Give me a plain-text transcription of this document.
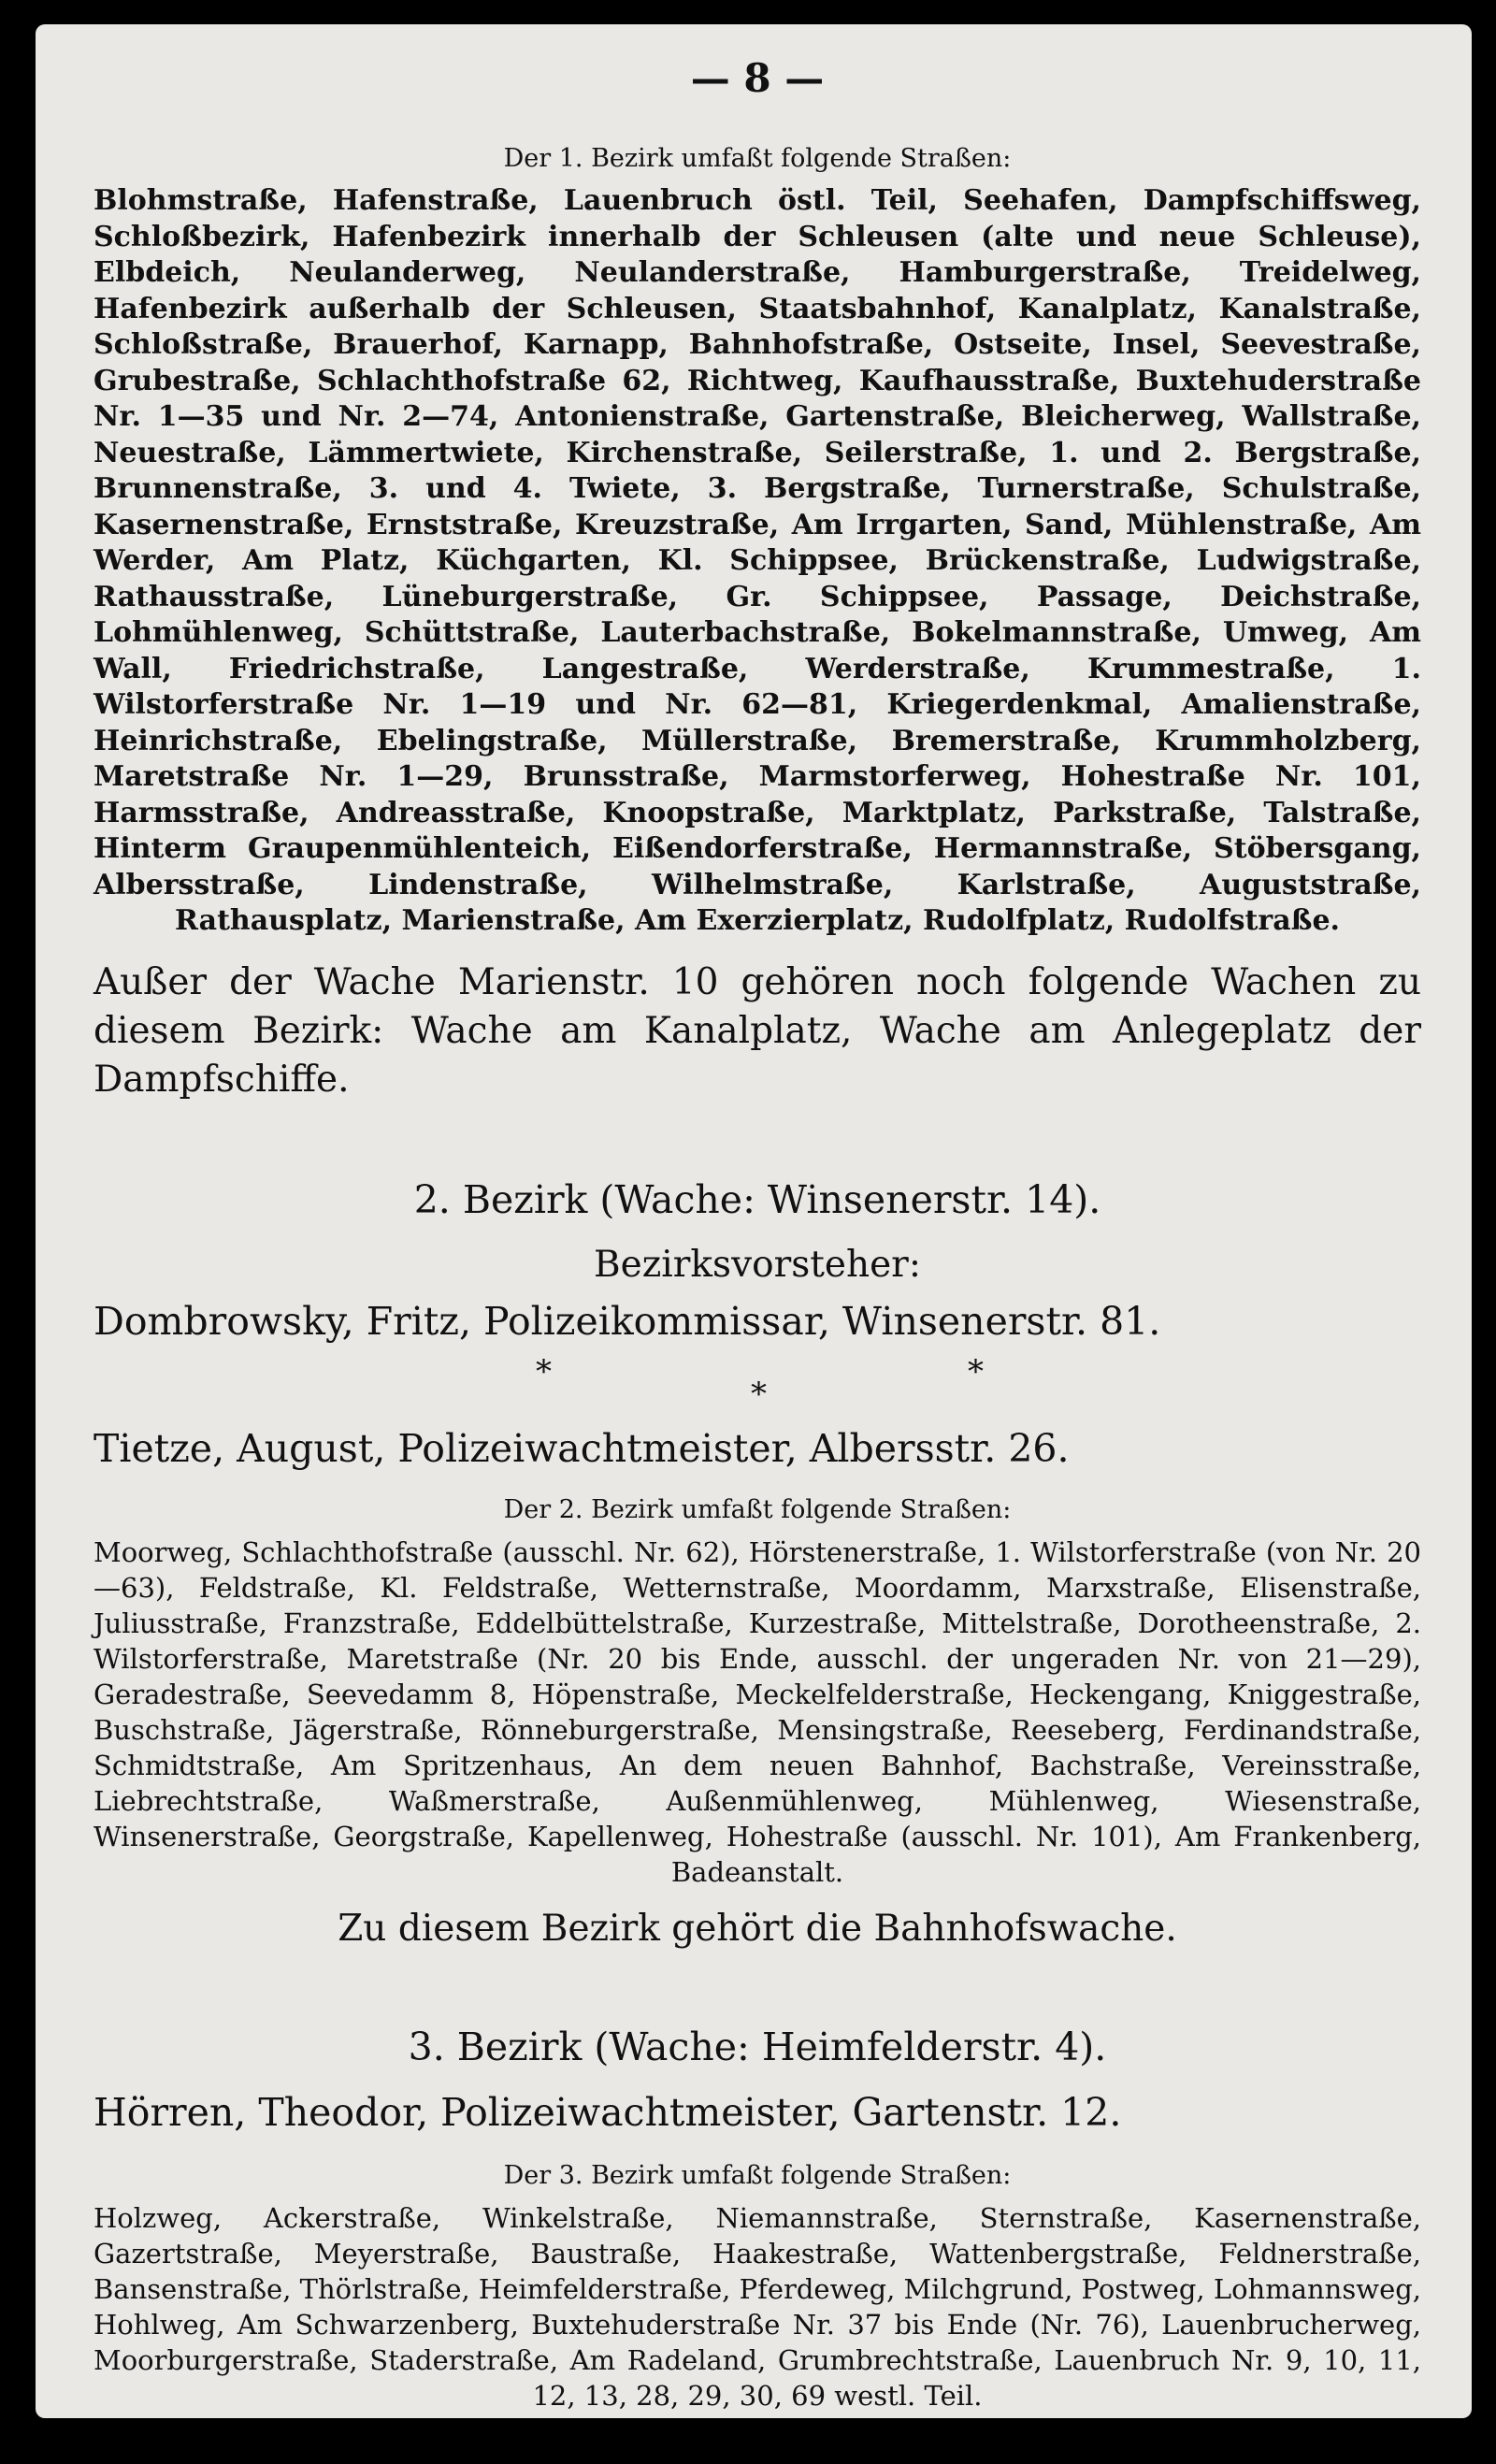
— 8 —

Der 1. Bezirk umfaßt folgende Straßen:

Blohmstraße, Hafenstraße, Lauenbruch östl. Teil, Seehafen, Dampfschiffsweg, Schloßbezirk, Hafenbezirk innerhalb der Schleusen (alte und neue Schleuse), Elbdeich, Neulanderweg, Neulanderstraße, Hamburgerstraße, Treidelweg, Hafenbezirk außerhalb der Schleusen, Staatsbahnhof, Kanalplatz, Kanalstraße, Schloßstraße, Brauerhof, Karnapp, Bahnhofstraße, Ostseite, Insel, Seevestraße, Grubestraße, Schlachthofstraße 62, Richtweg, Kaufhausstraße, Buxtehuderstraße Nr. 1—35 und Nr. 2—74, Antonienstraße, Gartenstraße, Bleicherweg, Wallstraße, Neuestraße, Lämmertwiete, Kirchenstraße, Seilerstraße, 1. und 2. Bergstraße, Brunnenstraße, 3. und 4. Twiete, 3. Bergstraße, Turnerstraße, Schulstraße, Kasernenstraße, Ernststraße, Kreuzstraße, Am Irrgarten, Sand, Mühlenstraße, Am Werder, Am Platz, Küchgarten, Kl. Schippsee, Brückenstraße, Ludwigstraße, Rathausstraße, Lüneburgerstraße, Gr. Schippsee, Passage, Deichstraße, Lohmühlenweg, Schüttstraße, Lauterbachstraße, Bokelmannstraße, Umweg, Am Wall, Friedrichstraße, Langestraße, Werderstraße, Krummestraße, 1. Wilstorferstraße Nr. 1—19 und Nr. 62—81, Kriegerdenkmal, Amalienstraße, Heinrichstraße, Ebelingstraße, Müllerstraße, Bremerstraße, Krummholzberg, Maretstraße Nr. 1—29, Brunsstraße, Marmstorferweg, Hohestraße Nr. 101, Harmsstraße, Andreasstraße, Knoopstraße, Marktplatz, Parkstraße, Talstraße, Hinterm Graupenmühlenteich, Eißendorferstraße, Hermannstraße, Stöbersgang, Albersstraße, Lindenstraße, Wilhelmstraße, Karlstraße, Auguststraße, Rathausplatz, Marienstraße, Am Exerzierplatz, Rudolfplatz, Rudolfstraße.

Außer der Wache Marienstr. 10 gehören noch folgende Wachen zu diesem Bezirk: Wache am Kanalplatz, Wache am Anlegeplatz der Dampfschiffe.

2. Bezirk (Wache: Winsenerstr. 14).
Bezirksvorsteher:
Dombrowsky, Fritz, Polizeikommissar, Winsenerstr. 81.
*
*
*
Tietze, August, Polizeiwachtmeister, Albersstr. 26.

Der 2. Bezirk umfaßt folgende Straßen:

Moorweg, Schlachthofstraße (ausschl. Nr. 62), Hörstenerstraße, 1. Wilstorferstraße (von Nr. 20—63), Feldstraße, Kl. Feldstraße, Wetternstraße, Moordamm, Marxstraße, Elisenstraße, Juliusstraße, Franzstraße, Eddelbüttelstraße, Kurzestraße, Mittelstraße, Dorotheenstraße, 2. Wilstorferstraße, Maretstraße (Nr. 20 bis Ende, ausschl. der ungeraden Nr. von 21—29), Geradestraße, Seevedamm 8, Höpenstraße, Meckelfelderstraße, Heckengang, Kniggestraße, Buschstraße, Jägerstraße, Rönneburgerstraße, Mensingstraße, Reeseberg, Ferdinandstraße, Schmidtstraße, Am Spritzenhaus, An dem neuen Bahnhof, Bachstraße, Vereinsstraße, Liebrechtstraße, Waßmerstraße, Außenmühlenweg, Mühlenweg, Wiesenstraße, Winsenerstraße, Georgstraße, Kapellenweg, Hohestraße (ausschl. Nr. 101), Am Frankenberg, Badeanstalt.

Zu diesem Bezirk gehört die Bahnhofswache.
3. Bezirk (Wache: Heimfelderstr. 4).
Hörren, Theodor, Polizeiwachtmeister, Gartenstr. 12.

Der 3. Bezirk umfaßt folgende Straßen:

Holzweg, Ackerstraße, Winkelstraße, Niemannstraße, Sternstraße, Kasernenstraße, Gazertstraße, Meyerstraße, Baustraße, Haakestraße, Wattenbergstraße, Feldnerstraße, Bansenstraße, Thörlstraße, Heimfelderstraße, Pferdeweg, Milchgrund, Postweg, Lohmannsweg, Hohlweg, Am Schwarzenberg, Buxtehuderstraße Nr. 37 bis Ende (Nr. 76), Lauenbrucherweg, Moorburgerstraße, Staderstraße, Am Radeland, Grumbrechtstraße, Lauenbruch Nr. 9, 10, 11, 12, 13, 28, 29, 30, 69 westl. Teil.
